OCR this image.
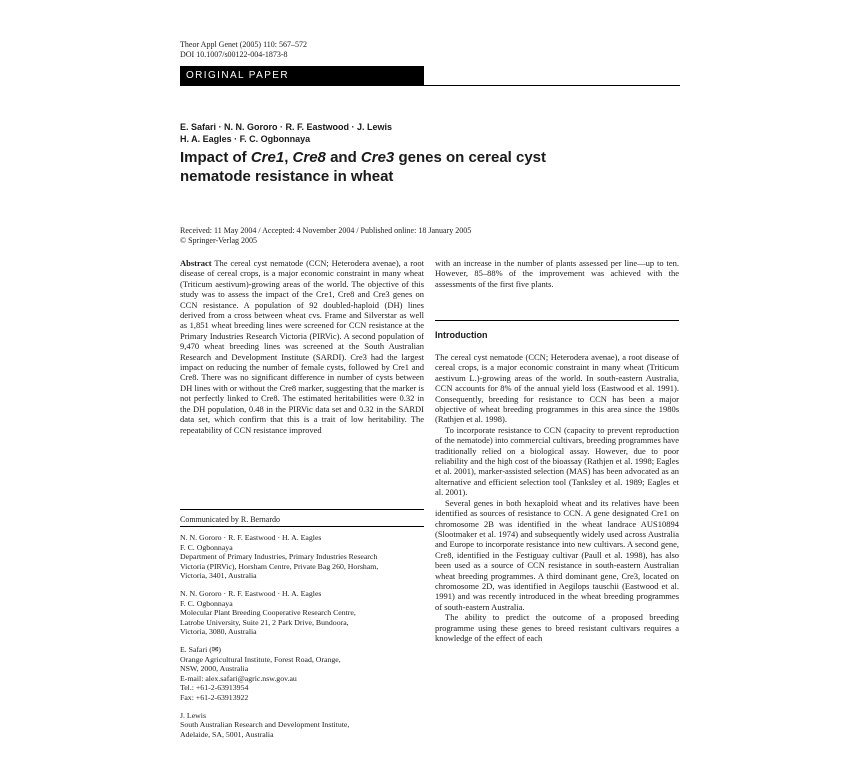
Theor Appl Genet (2005) 110: 567–572
DOI 10.1007/s00122-004-1873-8
ORIGINAL PAPER
E. Safari · N. N. Gororo · R. F. Eastwood · J. Lewis
H. A. Eagles · F. C. Ogbonnaya
Impact of Cre1, Cre8 and Cre3 genes on cereal cyst
nematode resistance in wheat
Received: 11 May 2004 / Accepted: 4 November 2004 / Published online: 18 January 2005
© Springer-Verlag 2005

Abstract The cereal cyst nematode (CCN; Heterodera avenae), a root disease of cereal crops, is a major economic constraint in many wheat (Triticum aestivum)-growing areas of the world. The objective of this study was to assess the impact of the Cre1, Cre8 and Cre3 genes on CCN resistance. A population of 92 doubled-haploid (DH) lines derived from a cross between wheat cvs. Frame and Silverstar as well as 1,851 wheat breeding lines were screened for CCN resistance at the Primary Industries Research Victoria (PIRVic). A second population of 9,470 wheat breeding lines was screened at the South Australian Research and Development Institute (SARDI). Cre3 had the largest impact on reducing the number of female cysts, followed by Cre1 and Cre8. There was no significant difference in number of cysts between DH lines with or without the Cre8 marker, suggesting that the marker is not perfectly linked to Cre8. The estimated heritabilities were 0.32 in the DH population, 0.48 in the PIRVic data set and 0.32 in the SARDI data set, which confirm that this is a trait of low heritability. The repeatability of CCN resistance improved

Communicated by R. Bernardo
N. N. Gororo · R. F. Eastwood · H. A. Eagles
F. C. Ogbonnaya
Department of Primary Industries, Primary Industries Research
Victoria (PIRVic), Horsham Centre, Private Bag 260, Horsham,
Victoria, 3401, Australia
N. N. Gororo · R. F. Eastwood · H. A. Eagles
F. C. Ogbonnaya
Molecular Plant Breeding Cooperative Research Centre,
Latrobe University, Suite 21, 2 Park Drive, Bundoora,
Victoria, 3080, Australia
E. Safari (✉)
Orange Agricultural Institute, Forest Road, Orange,
NSW, 2000, Australia
E-mail: alex.safari@agric.nsw.gov.au
Tel.: +61-2-63913954
Fax: +61-2-63913922
J. Lewis
South Australian Research and Development Institute,
Adelaide, SA, 5001, Australia

with an increase in the number of plants assessed per line—up to ten. However, 85–88% of the improvement was achieved with the assessments of the first five plants.

Introduction

The cereal cyst nematode (CCN; Heterodera avenae), a root disease of cereal crops, is a major economic constraint in many wheat (Triticum aestivum L.)-growing areas of the world. In south-eastern Australia, CCN accounts for 8% of the annual yield loss (Eastwood et al. 1991). Consequently, breeding for resistance to CCN has been a major objective of wheat breeding programmes in this area since the 1980s (Rathjen et al. 1998).

To incorporate resistance to CCN (capacity to prevent reproduction of the nematode) into commercial cultivars, breeding programmes have traditionally relied on a biological assay. However, due to poor reliability and the high cost of the bioassay (Rathjen et al. 1998; Eagles et al. 2001), marker-assisted selection (MAS) has been advocated as an alternative and efficient selection tool (Tanksley et al. 1989; Eagles et al. 2001).

Several genes in both hexaploid wheat and its relatives have been identified as sources of resistance to CCN. A gene designated Cre1 on chromosome 2B was identified in the wheat landrace AUS10894 (Slootmaker et al. 1974) and subsequently widely used across Australia and Europe to incorporate resistance into new cultivars. A second gene, Cre8, identified in the Festiguay cultivar (Paull et al. 1998), has also been used as a source of CCN resistance in south-eastern Australian wheat breeding programmes. A third dominant gene, Cre3, located on chromosome 2D, was identified in Aegilops tauschii (Eastwood et al. 1991) and was recently introduced in the wheat breeding programmes of south-eastern Australia.

The ability to predict the outcome of a proposed breeding programme using these genes to breed resistant cultivars requires a knowledge of the effect of each
